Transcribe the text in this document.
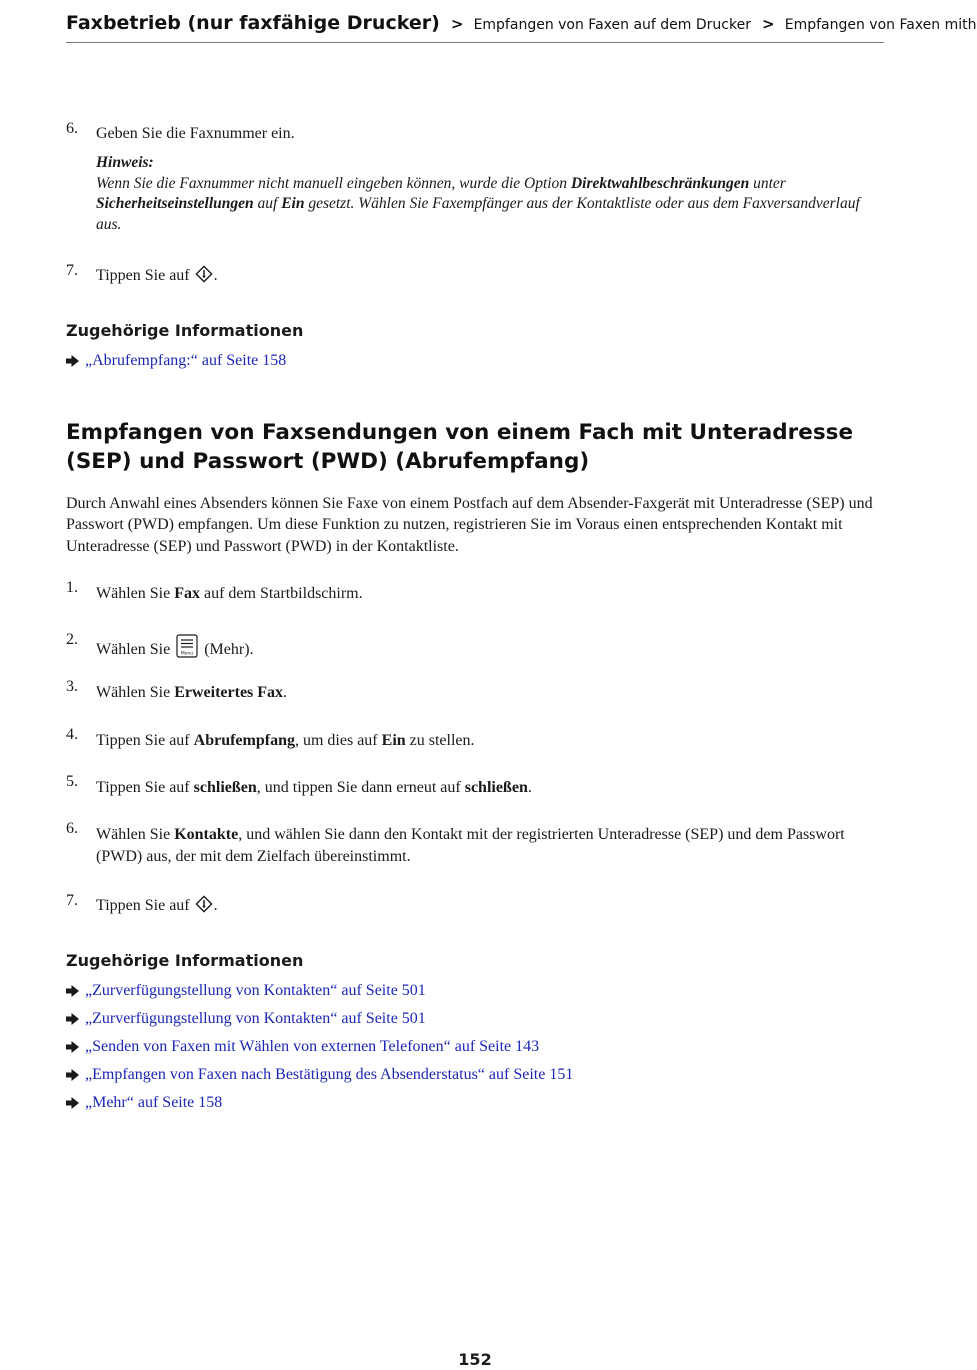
Faxbetrieb (nur faxfähige Drucker) > Empfangen von Faxen auf dem Drucker > Empfangen von Faxen mith
6. Geben Sie die Faxnummer ein.
Hinweis:
Wenn Sie die Faxnummer nicht manuell eingeben können, wurde die Option Direktwahlbeschränkungen unter Sicherheitseinstellungen auf Ein gesetzt. Wählen Sie Faxempfänger aus der Kontaktliste oder aus dem Faxversandverlauf aus.
7. Tippen Sie auf .
Zugehörige Informationen
„Abrufempfang:“ auf Seite 158
Empfangen von Faxsendungen von einem Fach mit Unteradresse (SEP) und Passwort (PWD) (Abrufempfang)
Durch Anwahl eines Absenders können Sie Faxe von einem Postfach auf dem Absender-Faxgerät mit Unteradresse (SEP) und Passwort (PWD) empfangen. Um diese Funktion zu nutzen, registrieren Sie im Voraus einen entsprechenden Kontakt mit Unteradresse (SEP) und Passwort (PWD) in der Kontaktliste.
1. Wählen Sie Fax auf dem Startbildschirm.
2.
Wählen Sie Menu (Mehr).
3. Wählen Sie Erweitertes Fax.
4. Tippen Sie auf Abrufempfang, um dies auf Ein zu stellen.
5. Tippen Sie auf schließen, und tippen Sie dann erneut auf schließen.
6. Wählen Sie Kontakte, und wählen Sie dann den Kontakt mit der registrierten Unteradresse (SEP) und dem Passwort (PWD) aus, der mit dem Zielfach übereinstimmt.
7. Tippen Sie auf .
Zugehörige Informationen
„Zurverfügungstellung von Kontakten“ auf Seite 501
„Zurverfügungstellung von Kontakten“ auf Seite 501
„Senden von Faxen mit Wählen von externen Telefonen“ auf Seite 143
„Empfangen von Faxen nach Bestätigung des Absenderstatus“ auf Seite 151
„Mehr“ auf Seite 158
152
